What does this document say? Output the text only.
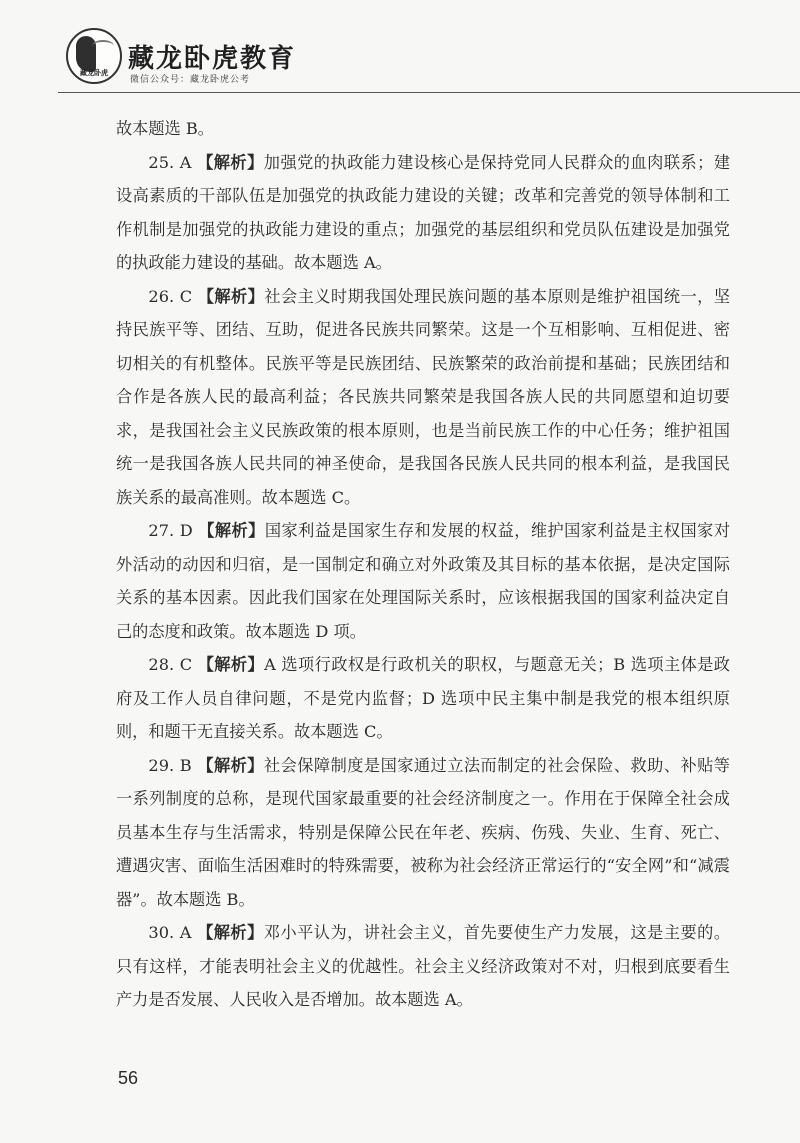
藏龙卧虎 藏龙卧虎教育
微信公众号：藏龙卧虎公考

故本题选 B。

25. A 【解析】加强党的执政能力建设核心是保持党同人民群众的血肉联系；建设高素质的干部队伍是加强党的执政能力建设的关键；改革和完善党的领导体制和工作机制是加强党的执政能力建设的重点；加强党的基层组织和党员队伍建设是加强党的执政能力建设的基础。故本题选 A。

26. C 【解析】社会主义时期我国处理民族问题的基本原则是维护祖国统一，坚持民族平等、团结、互助，促进各民族共同繁荣。这是一个互相影响、互相促进、密切相关的有机整体。民族平等是民族团结、民族繁荣的政治前提和基础；民族团结和合作是各族人民的最高利益；各民族共同繁荣是我国各族人民的共同愿望和迫切要求，是我国社会主义民族政策的根本原则，也是当前民族工作的中心任务；维护祖国统一是我国各族人民共同的神圣使命，是我国各民族人民共同的根本利益，是我国民族关系的最高准则。故本题选 C。

27. D 【解析】国家利益是国家生存和发展的权益，维护国家利益是主权国家对外活动的动因和归宿，是一国制定和确立对外政策及其目标的基本依据，是决定国际关系的基本因素。因此我们国家在处理国际关系时，应该根据我国的国家利益决定自己的态度和政策。故本题选 D 项。

28. C 【解析】A 选项行政权是行政机关的职权，与题意无关；B 选项主体是政府及工作人员自律问题，不是党内监督；D 选项中民主集中制是我党的根本组织原则，和题干无直接关系。故本题选 C。

29. B 【解析】社会保障制度是国家通过立法而制定的社会保险、救助、补贴等一系列制度的总称，是现代国家最重要的社会经济制度之一。作用在于保障全社会成员基本生存与生活需求，特别是保障公民在年老、疾病、伤残、失业、生育、死亡、遭遇灾害、面临生活困难时的特殊需要，被称为社会经济正常运行的“安全网”和“减震器”。故本题选 B。

30. A 【解析】邓小平认为，讲社会主义，首先要使生产力发展，这是主要的。只有这样，才能表明社会主义的优越性。社会主义经济政策对不对，归根到底要看生产力是否发展、人民收入是否增加。故本题选 A。

56
